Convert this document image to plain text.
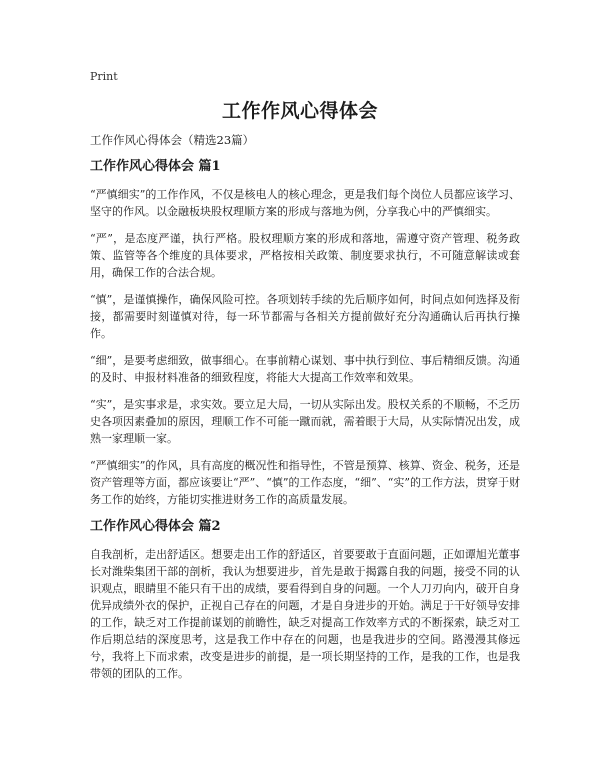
Print
工作作风心得体会
工作作风心得体会（精选23篇）
工作作风心得体会 篇1

“严慎细实”的工作作风，不仅是核电人的核心理念，更是我们每个岗位人员都应该学习、坚守的作风。以金融板块股权理顺方案的形成与落地为例，分享我心中的严慎细实。

“严”，是态度严谨，执行严格。股权理顺方案的形成和落地，需遵守资产管理、税务政策、监管等各个维度的具体要求，严格按相关政策、制度要求执行，不可随意解读或套用，确保工作的合法合规。

“慎”，是谨慎操作，确保风险可控。各项划转手续的先后顺序如何，时间点如何选择及衔接，都需要时刻谨慎对待，每一环节都需与各相关方提前做好充分沟通确认后再执行操作。

“细”，是要考虑细致，做事细心。在事前精心谋划、事中执行到位、事后精细反馈。沟通的及时、申报材料准备的细致程度，将能大大提高工作效率和效果。

“实”，是实事求是，求实效。要立足大局，一切从实际出发。股权关系的不顺畅，不乏历史各项因素叠加的原因，理顺工作不可能一蹴而就，需着眼于大局，从实际情况出发，成熟一家理顺一家。

“严慎细实”的作风，具有高度的概况性和指导性，不管是预算、核算、资金、税务，还是资产管理等方面，都应该要让“严”、“慎”的工作态度，“细”、“实”的工作方法，贯穿于财务工作的始终，方能切实推进财务工作的高质量发展。

工作作风心得体会 篇2

自我剖析，走出舒适区。想要走出工作的舒适区，首要要敢于直面问题，正如谭旭光董事长对潍柴集团干部的剖析，我认为想要进步，首先是敢于揭露自我的问题，接受不同的认识观点，眼睛里不能只有干出的成绩，要看得到自身的问题。一个人刀刃向内，破开自身优异成绩外衣的保护，正视自己存在的问题，才是自身进步的开始。满足于干好领导安排的工作，缺乏对工作提前谋划的前瞻性，缺乏对提高工作效率方式的不断探索，缺乏对工作后期总结的深度思考，这是我工作中存在的问题，也是我进步的空间。路漫漫其修远兮，我将上下而求索，改变是进步的前提，是一项长期坚持的工作，是我的工作，也是我带领的团队的工作。
